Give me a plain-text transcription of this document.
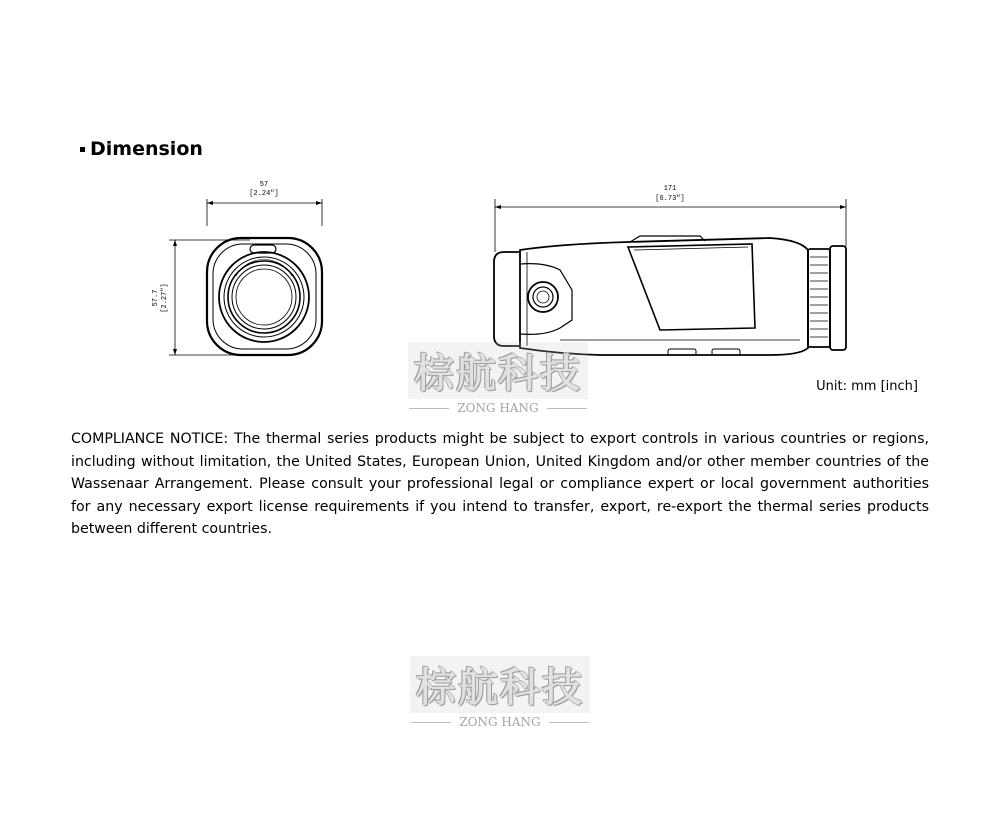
Dimension
57
[2.24"]
57.7 [2.27"]
171
[6.73"]
Unit: mm [inch]
COMPLIANCE NOTICE: The thermal series products might be subject to export controls in various countries or regions, including without limitation, the United States, European Union, United Kingdom and/or other member countries of the Wassenaar Arrangement. Please consult your professional legal or compliance expert or local government authorities for any necessary export license requirements if you intend to transfer, export, re-export the thermal series products between different countries.
棕航科技
ZONG HANG
棕航科技
ZONG HANG
